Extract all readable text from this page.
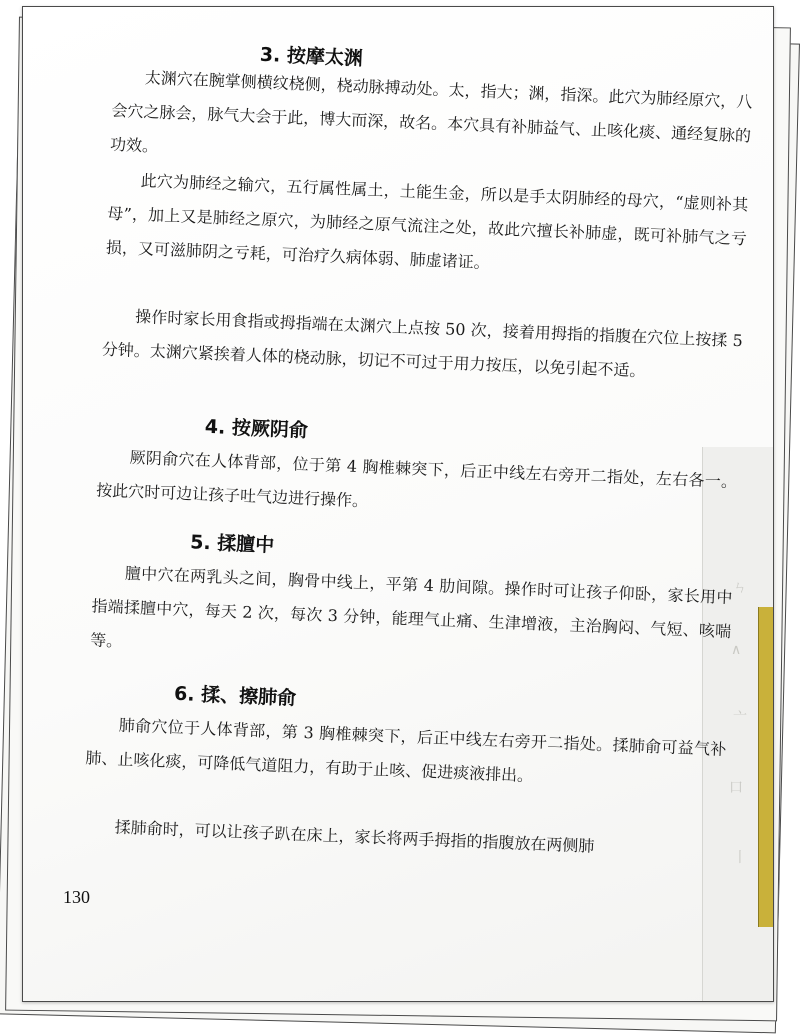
ㄣ
∧
亠
口
丨
3. 按摩太渊

太渊穴在腕掌侧横纹桡侧，桡动脉搏动处。太，指大；渊，指深。此穴为肺经原穴，八会穴之脉会，脉气大会于此，博大而深，故名。本穴具有补肺益气、止咳化痰、通经复脉的功效。

此穴为肺经之输穴，五行属性属土，土能生金，所以是手太阴肺经的母穴，“虚则补其母”，加上又是肺经之原穴，为肺经之原气流注之处，故此穴擅长补肺虚，既可补肺气之亏损，又可滋肺阴之亏耗，可治疗久病体弱、肺虚诸证。

操作时家长用食指或拇指端在太渊穴上点按 50 次，接着用拇指的指腹在穴位上按揉 5 分钟。太渊穴紧挨着人体的桡动脉，切记不可过于用力按压，以免引起不适。

4. 按厥阴俞

厥阴俞穴在人体背部，位于第 4 胸椎棘突下，后正中线左右旁开二指处，左右各一。按此穴时可边让孩子吐气边进行操作。

5. 揉膻中

膻中穴在两乳头之间，胸骨中线上，平第 4 肋间隙。操作时可让孩子仰卧，家长用中指端揉膻中穴，每天 2 次，每次 3 分钟，能理气止痛、生津增液，主治胸闷、气短、咳喘等。

6. 揉、擦肺俞

肺俞穴位于人体背部，第 3 胸椎棘突下，后正中线左右旁开二指处。揉肺俞可益气补肺、止咳化痰，可降低气道阻力，有助于止咳、促进痰液排出。

揉肺俞时，可以让孩子趴在床上，家长将两手拇指的指腹放在两侧肺

130
